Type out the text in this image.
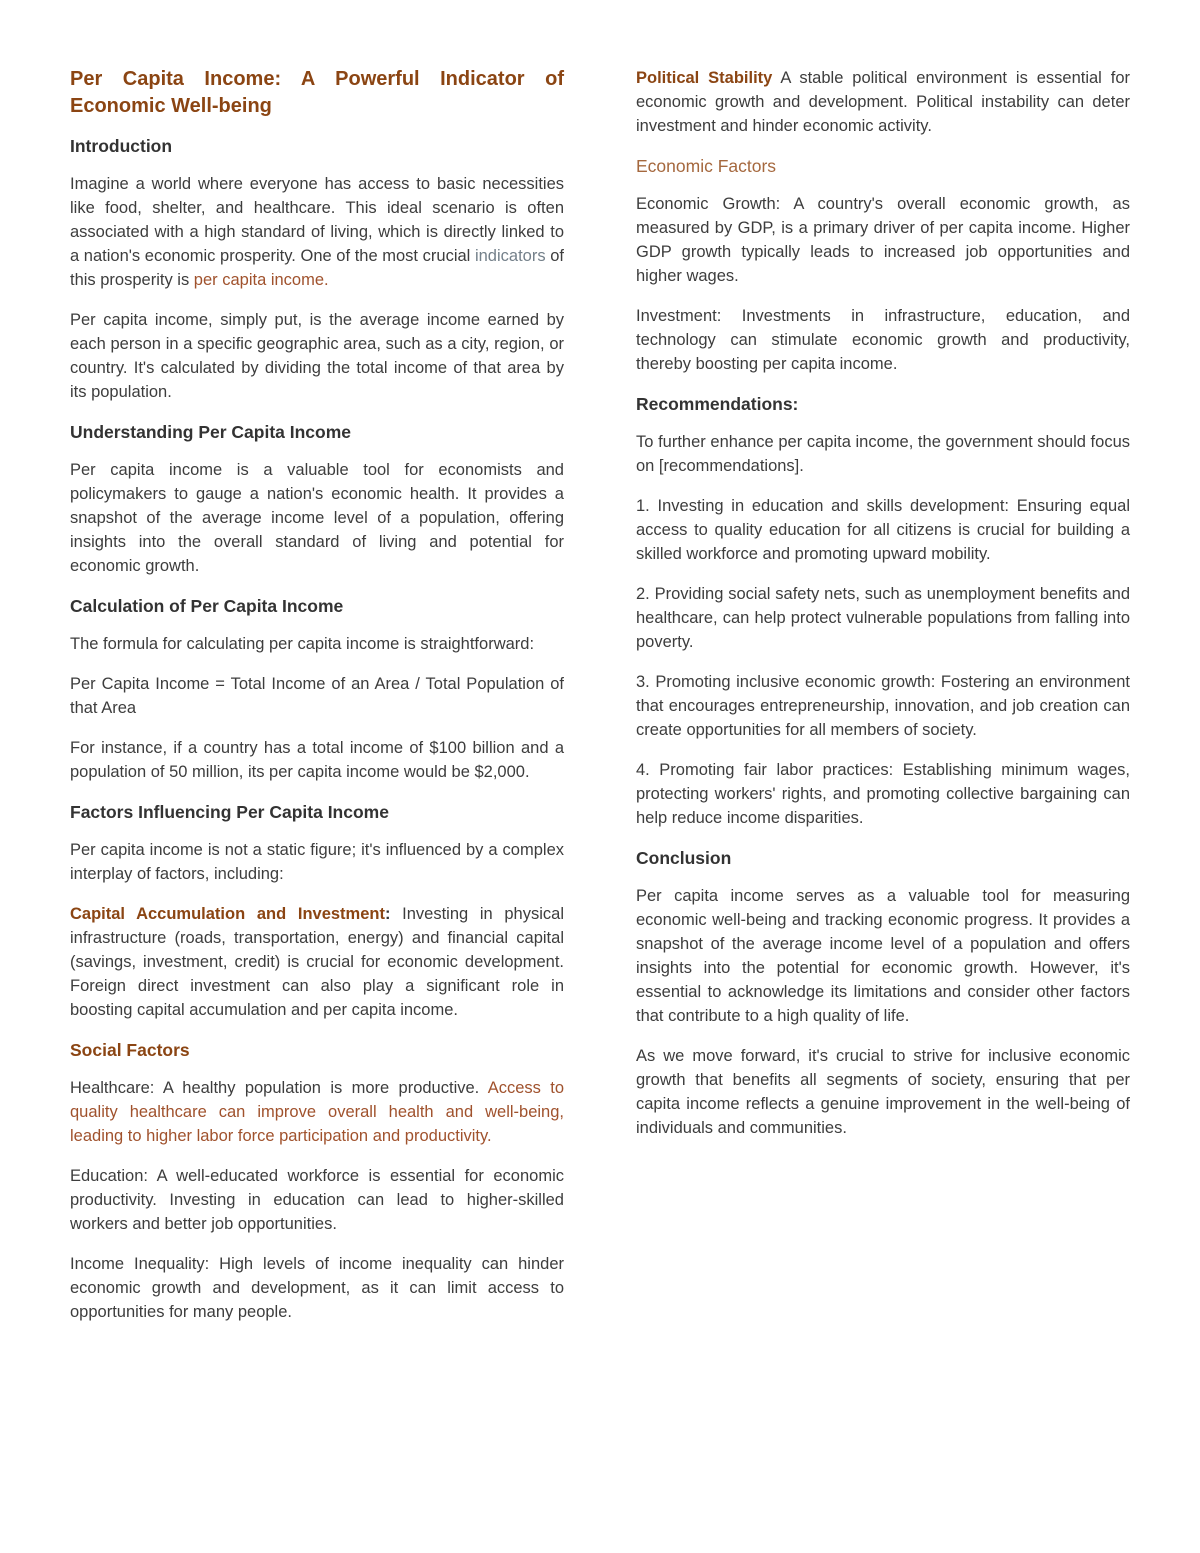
Per Capita Income: A Powerful Indicator of Economic Well-being
Introduction

Imagine a world where everyone has access to basic necessities like food, shelter, and healthcare. This ideal scenario is often associated with a high standard of living, which is directly linked to a nation's economic prosperity. One of the most crucial indicators of this prosperity is per capita income.

Per capita income, simply put, is the average income earned by each person in a specific geographic area, such as a city, region, or country. It's calculated by dividing the total income of that area by its population.

Understanding Per Capita Income

Per capita income is a valuable tool for economists and policymakers to gauge a nation's economic health. It provides a snapshot of the average income level of a population, offering insights into the overall standard of living and potential for economic growth.

Calculation of Per Capita Income

The formula for calculating per capita income is straightforward:

Per Capita Income = Total Income of an Area / Total Population of that Area

For instance, if a country has a total income of $100 billion and a population of 50 million, its per capita income would be $2,000.

Factors Influencing Per Capita Income

Per capita income is not a static figure; it's influenced by a complex interplay of factors, including:

Capital Accumulation and Investment: Investing in physical infrastructure (roads, transportation, energy) and financial capital (savings, investment, credit) is crucial for economic development. Foreign direct investment can also play a significant role in boosting capital accumulation and per capita income.

Social Factors

Healthcare: A healthy population is more productive. Access to quality healthcare can improve overall health and well-being, leading to higher labor force participation and productivity.

Education: A well-educated workforce is essential for economic productivity. Investing in education can lead to higher-skilled workers and better job opportunities.

Income Inequality: High levels of income inequality can hinder economic growth and development, as it can limit access to opportunities for many people.

Political Stability A stable political environment is essential for economic growth and development. Political instability can deter investment and hinder economic activity.

Economic Factors

Economic Growth: A country's overall economic growth, as measured by GDP, is a primary driver of per capita income. Higher GDP growth typically leads to increased job opportunities and higher wages.

Investment: Investments in infrastructure, education, and technology can stimulate economic growth and productivity, thereby boosting per capita income.

Recommendations:

To further enhance per capita income, the government should focus on [recommendations].

1. Investing in education and skills development: Ensuring equal access to quality education for all citizens is crucial for building a skilled workforce and promoting upward mobility.

2. Providing social safety nets, such as unemployment benefits and healthcare, can help protect vulnerable populations from falling into poverty.

3. Promoting inclusive economic growth: Fostering an environment that encourages entrepreneurship, innovation, and job creation can create opportunities for all members of society.

4. Promoting fair labor practices: Establishing minimum wages, protecting workers' rights, and promoting collective bargaining can help reduce income disparities.

Conclusion

Per capita income serves as a valuable tool for measuring economic well-being and tracking economic progress. It provides a snapshot of the average income level of a population and offers insights into the potential for economic growth. However, it's essential to acknowledge its limitations and consider other factors that contribute to a high quality of life.

As we move forward, it's crucial to strive for inclusive economic growth that benefits all segments of society, ensuring that per capita income reflects a genuine improvement in the well-being of individuals and communities.
